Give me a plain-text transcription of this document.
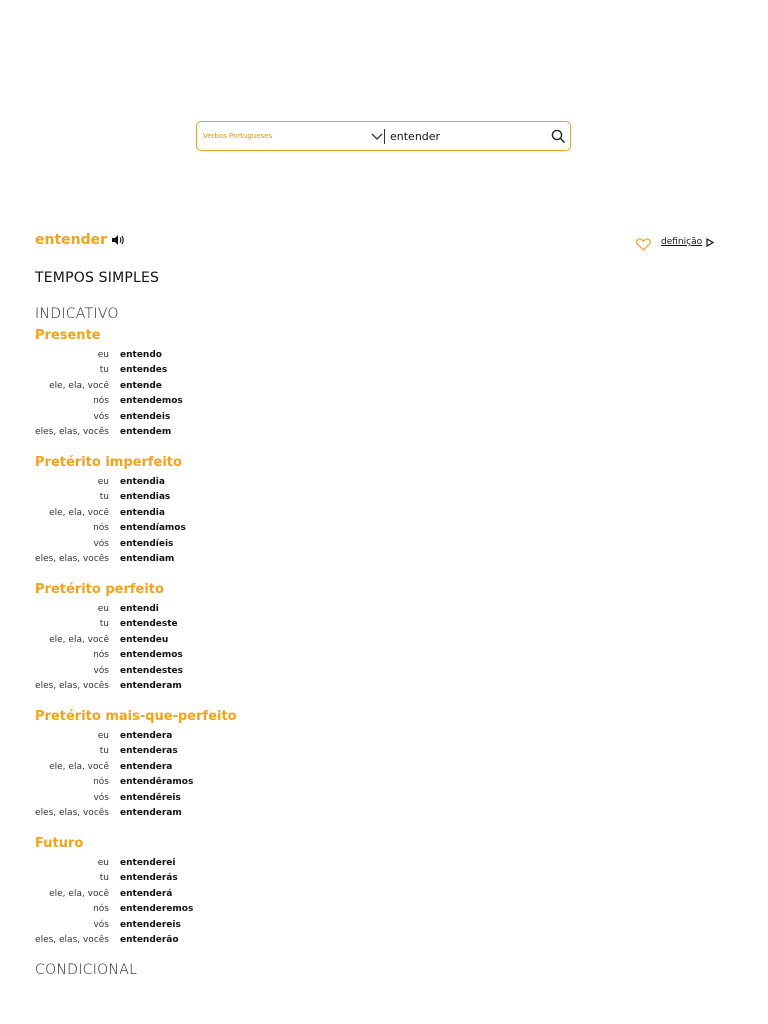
Verbos Portugueses
entender
entender	definição
TEMPOS SIMPLES
INDICATIVO
Presente
eu entendo
tu entendes
ele, ela, você entende
nós entendemos
vós entendeis
eles, elas, vocês entendem
Pretérito imperfeito
eu entendia
tu entendias
ele, ela, você entendia
nós entendíamos
vós entendíeis
eles, elas, vocês entendiam
Pretérito perfeito
eu entendi
tu entendeste
ele, ela, você entendeu
nós entendemos
vós entendestes
eles, elas, vocês entenderam
Pretérito mais-que-perfeito
eu entendera
tu entenderas
ele, ela, você entendera
nós entendêramos
vós entendêreis
eles, elas, vocês entenderam
Futuro
eu entenderei
tu entenderás
ele, ela, você entenderá
nós entenderemos
vós entendereis
eles, elas, vocês entenderão
CONDICIONAL
